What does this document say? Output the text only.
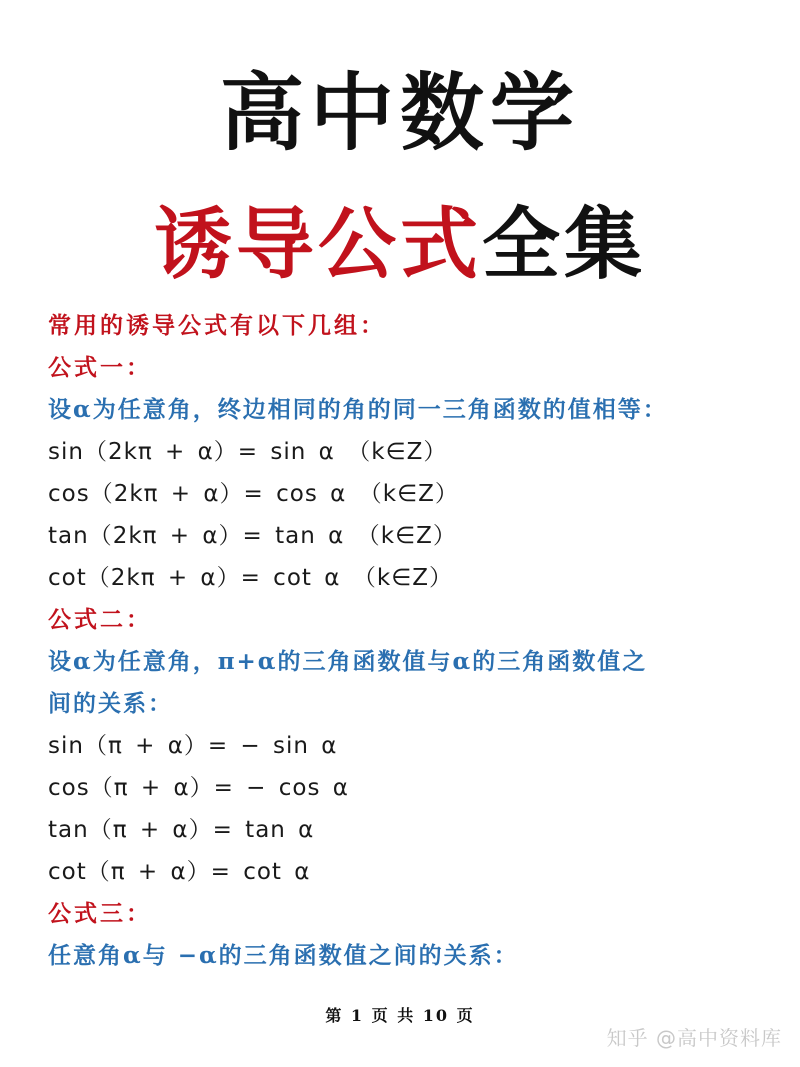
高中数学
诱导公式全集
常用的诱导公式有以下几组：
公式一：
设α为任意角，终边相同的角的同一三角函数的值相等：
sin（2kπ + α）= sin α　（k∈Z）
cos（2kπ + α）= cos α　（k∈Z）
tan（2kπ + α）= tan α　（k∈Z）
cot（2kπ + α）= cot α　（k∈Z）
公式二：
设α为任意角，π+α的三角函数值与α的三角函数值之
间的关系：
sin（π + α）= − sin α
cos（π + α）= − cos α
tan（π + α）= tan α
cot（π + α）= cot α
公式三：
任意角α与 −α的三角函数值之间的关系：
第 1 页 共 10 页
知乎 @高中资料库
